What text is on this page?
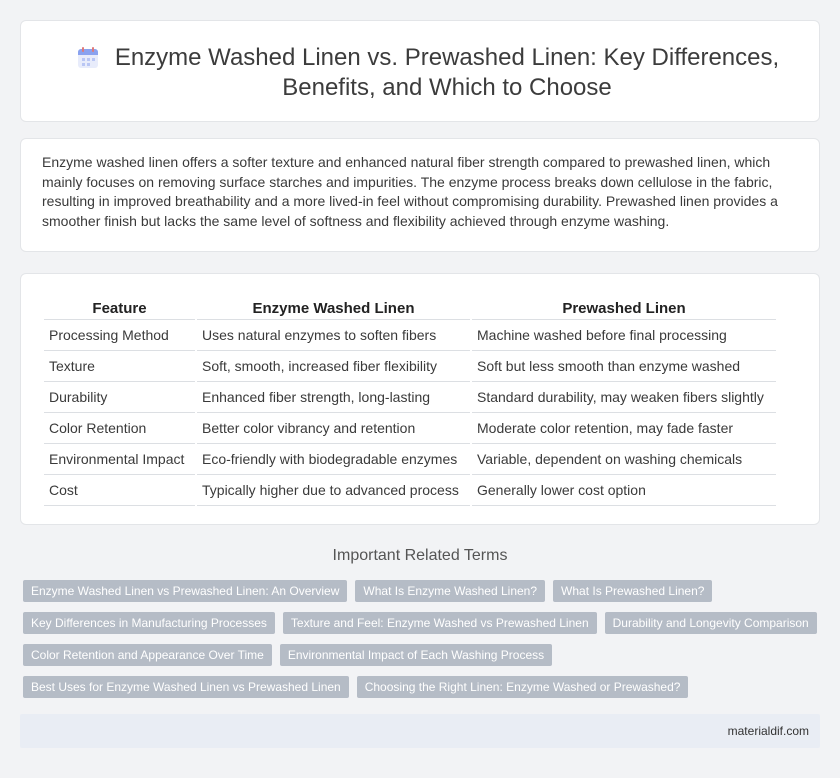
Enzyme Washed Linen vs. Prewashed Linen: Key Differences, Benefits, and Which to Choose

Enzyme washed linen offers a softer texture and enhanced natural fiber strength compared to prewashed linen, which mainly focuses on removing surface starches and impurities. The enzyme process breaks down cellulose in the fabric, resulting in improved breathability and a more lived-in feel without compromising durability. Prewashed linen provides a smoother finish but lacks the same level of softness and flexibility achieved through enzyme washing.

Feature	Enzyme Washed Linen	Prewashed Linen
Processing Method	Uses natural enzymes to soften fibers	Machine washed before final processing
Texture	Soft, smooth, increased fiber flexibility	Soft but less smooth than enzyme washed
Durability	Enhanced fiber strength, long-lasting	Standard durability, may weaken fibers slightly
Color Retention	Better color vibrancy and retention	Moderate color retention, may fade faster
Environmental Impact	Eco-friendly with biodegradable enzymes	Variable, dependent on washing chemicals
Cost	Typically higher due to advanced process	Generally lower cost option
Important Related Terms
Enzyme Washed Linen vs Prewashed Linen: An Overview	What Is Enzyme Washed Linen?	What Is Prewashed Linen?
Key Differences in Manufacturing Processes	Texture and Feel: Enzyme Washed vs Prewashed Linen	Durability and Longevity Comparison
Color Retention and Appearance Over Time	Environmental Impact of Each Washing Process
Best Uses for Enzyme Washed Linen vs Prewashed Linen	Choosing the Right Linen: Enzyme Washed or Prewashed?
materialdif.com
